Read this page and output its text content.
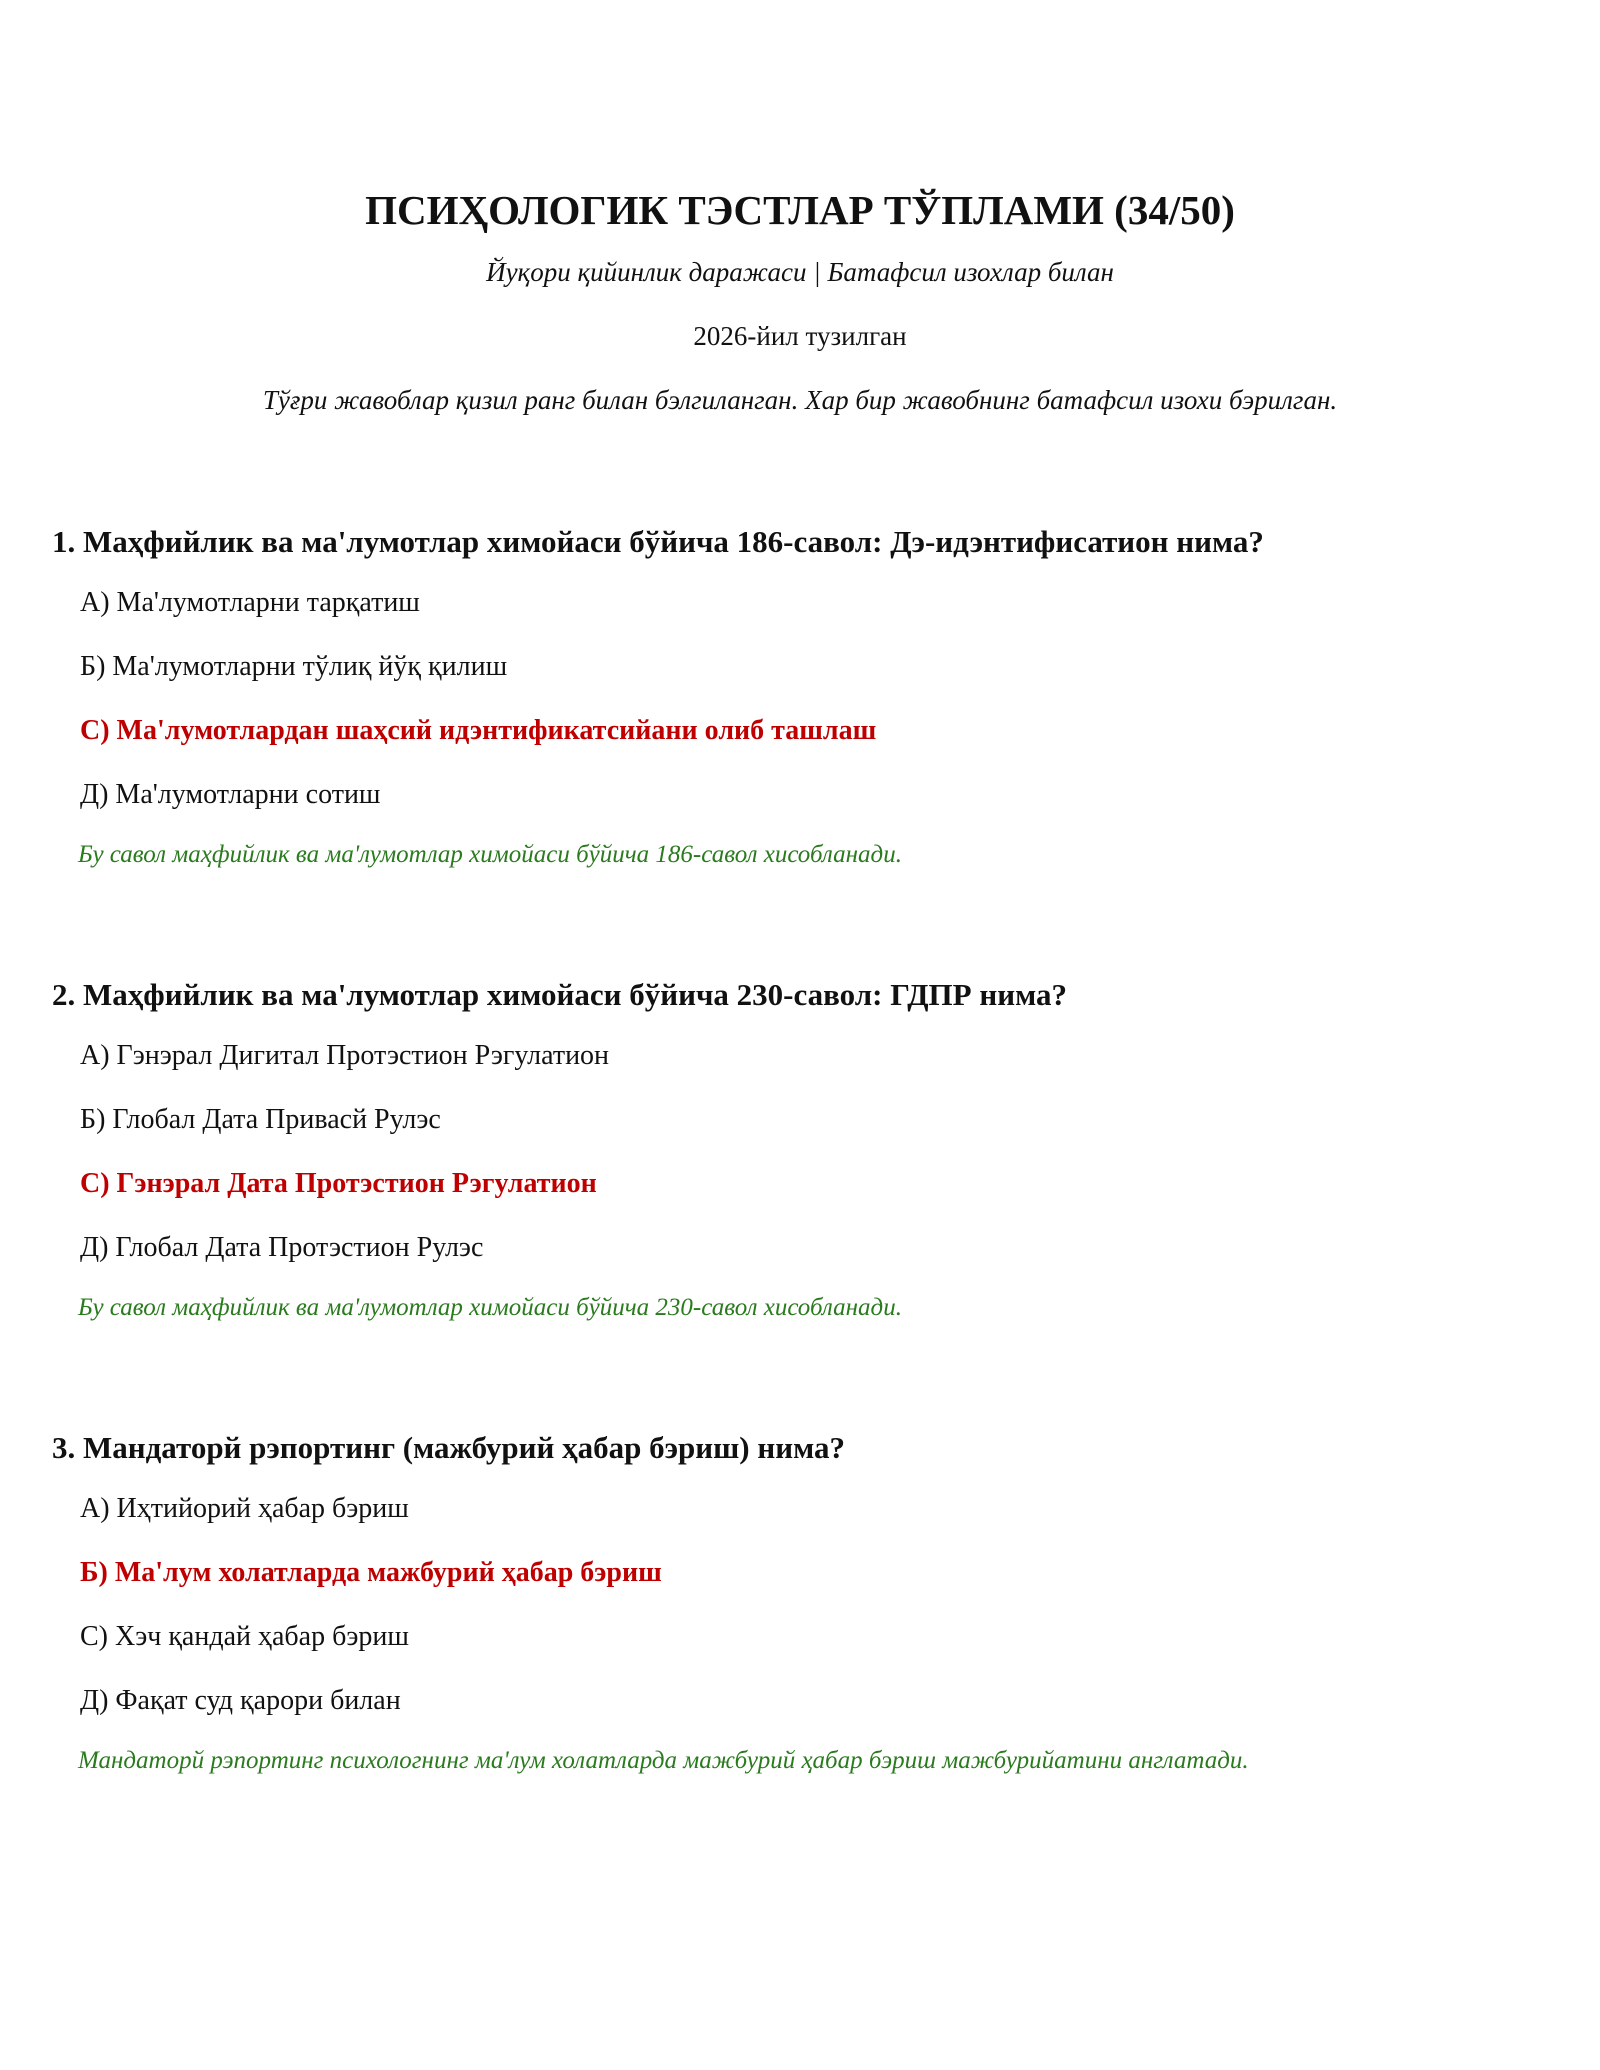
ПСИҲОЛОГИК ТЭСТЛАР ТЎПЛАМИ (34/50)
Йуқори қийинлик даражаси | Батафсил изохлар билан
2026-йил тузилган
Тўғри жавоблар қизил ранг билан бэлгиланган. Хар бир жавобнинг батафсил изохи бэрилган.
1. Маҳфийлик ва ма'лумотлар химойаси бўйича 186-савол: Дэ-идэнтифисатион нима?
А) Ма'лумотларни тарқатиш
Б) Ма'лумотларни тўлиқ йўқ қилиш
С) Ма'лумотлардан шаҳсий идэнтификатсийани олиб ташлаш
Д) Ма'лумотларни сотиш
Бу савол маҳфийлик ва ма'лумотлар химойаси бўйича 186-савол хисобланади.
2. Маҳфийлик ва ма'лумотлар химойаси бўйича 230-савол: ГДПР нима?
А) Гэнэрал Дигитал Протэстион Рэгулатион
Б) Глобал Дата Привасй Рулэс
С) Гэнэрал Дата Протэстион Рэгулатион
Д) Глобал Дата Протэстион Рулэс
Бу савол маҳфийлик ва ма'лумотлар химойаси бўйича 230-савол хисобланади.
3. Мандаторй рэпортинг (мажбурий ҳабар бэриш) нима?
А) Иҳтийорий ҳабар бэриш
Б) Ма'лум холатларда мажбурий ҳабар бэриш
С) Хэч қандай ҳабар бэриш
Д) Фақат суд қарори билан
Мандаторй рэпортинг психологнинг ма'лум холатларда мажбурий ҳабар бэриш мажбурийатини англатади.
